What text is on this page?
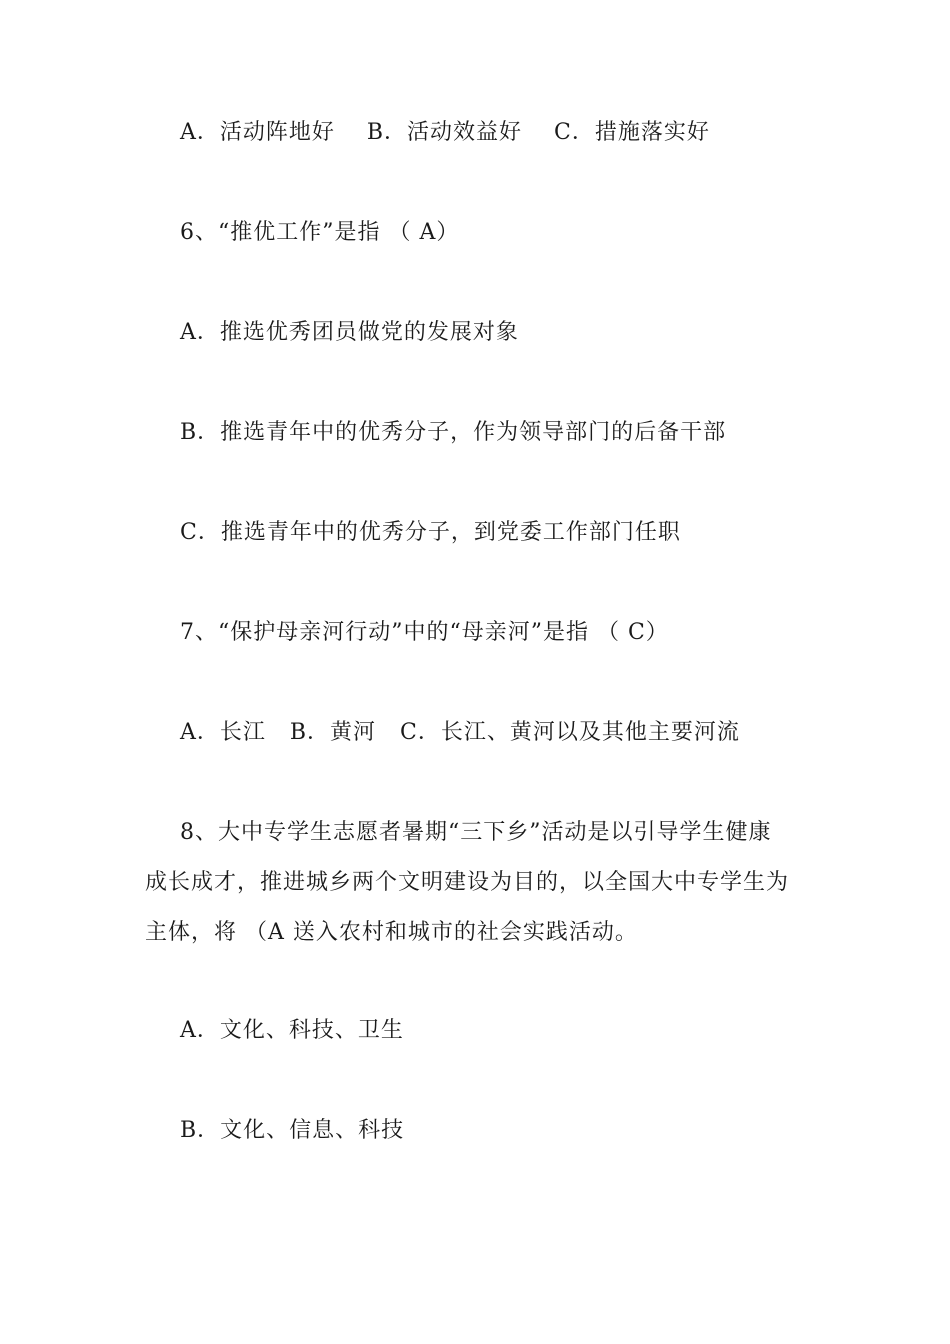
A．活动阵地好    B．活动效益好    C．措施落实好
6、“推优工作”是指 （ A）
A．推选优秀团员做党的发展对象
B．推选青年中的优秀分子，作为领导部门的后备干部
C．推选青年中的优秀分子，到党委工作部门任职
7、“保护母亲河行动”中的“母亲河”是指 （ C）
A．长江   B．黄河   C．长江、黄河以及其他主要河流
8、大中专学生志愿者暑期“三下乡”活动是以引导学生健康
成长成才，推进城乡两个文明建设为目的，以全国大中专学生为
主体，将 （A 送入农村和城市的社会实践活动。
A．文化、科技、卫生
B．文化、信息、科技
